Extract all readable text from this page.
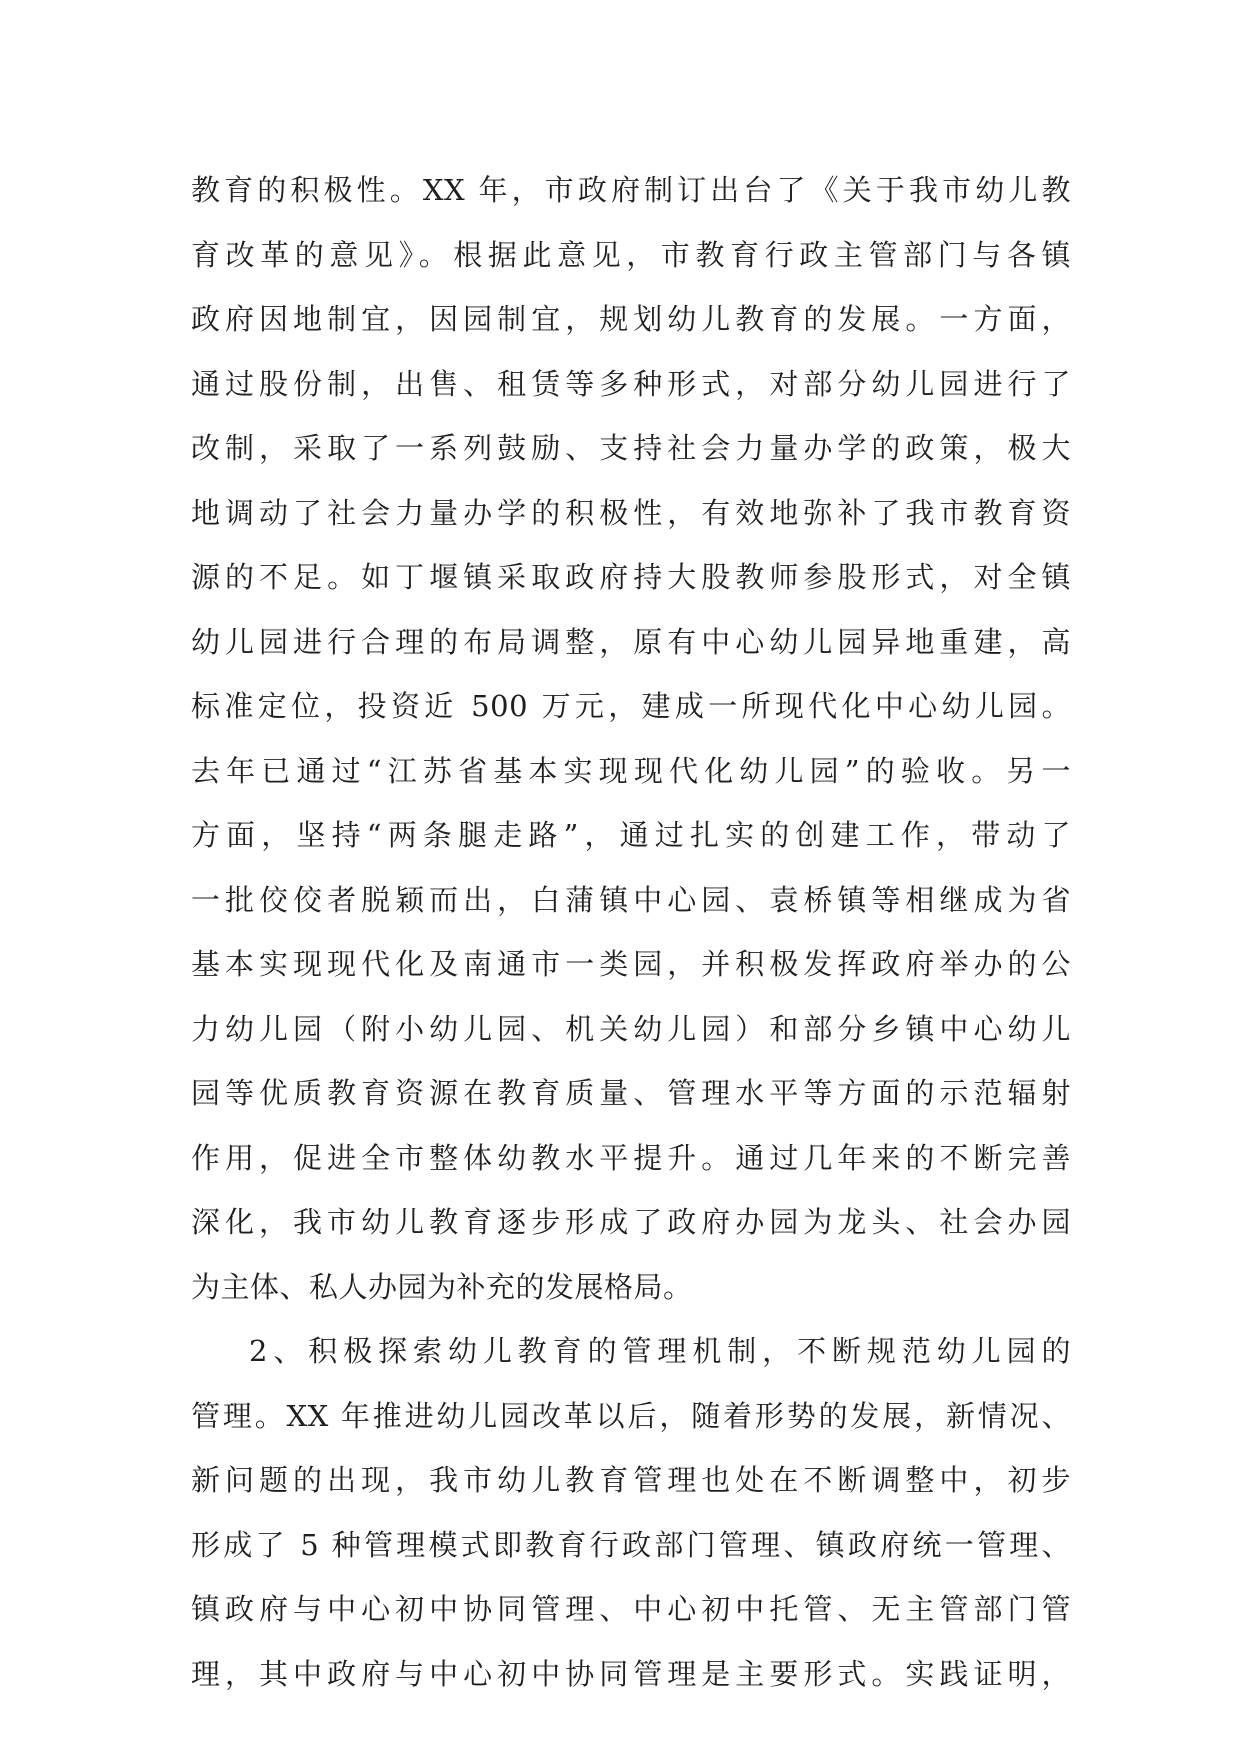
教育的积极性。XX 年，市政府制订出台了《关于我市幼儿教
育改革的意见》。根据此意见，市教育行政主管部门与各镇
政府因地制宜，因园制宜，规划幼儿教育的发展。一方面，
通过股份制，出售、租赁等多种形式，对部分幼儿园进行了
改制，采取了一系列鼓励、支持社会力量办学的政策，极大
地调动了社会力量办学的积极性，有效地弥补了我市教育资
源的不足。如丁堰镇采取政府持大股教师参股形式，对全镇
幼儿园进行合理的布局调整，原有中心幼儿园异地重建，高
标准定位，投资近 500 万元，建成一所现代化中心幼儿园。
去年已通过“江苏省基本实现现代化幼儿园”的验收。另一
方面，坚持“两条腿走路”，通过扎实的创建工作，带动了
一批佼佼者脱颖而出，白蒲镇中心园、袁桥镇等相继成为省
基本实现现代化及南通市一类园，并积极发挥政府举办的公
力幼儿园（附小幼儿园、机关幼儿园）和部分乡镇中心幼儿
园等优质教育资源在教育质量、管理水平等方面的示范辐射
作用，促进全市整体幼教水平提升。通过几年来的不断完善
深化，我市幼儿教育逐步形成了政府办园为龙头、社会办园
为主体、私人办园为补充的发展格局。
2、积极探索幼儿教育的管理机制，不断规范幼儿园的
管理。XX 年推进幼儿园改革以后，随着形势的发展，新情况、
新问题的出现，我市幼儿教育管理也处在不断调整中，初步
形成了 5 种管理模式即教育行政部门管理、镇政府统一管理、
镇政府与中心初中协同管理、中心初中托管、无主管部门管
理，其中政府与中心初中协同管理是主要形式。实践证明，
